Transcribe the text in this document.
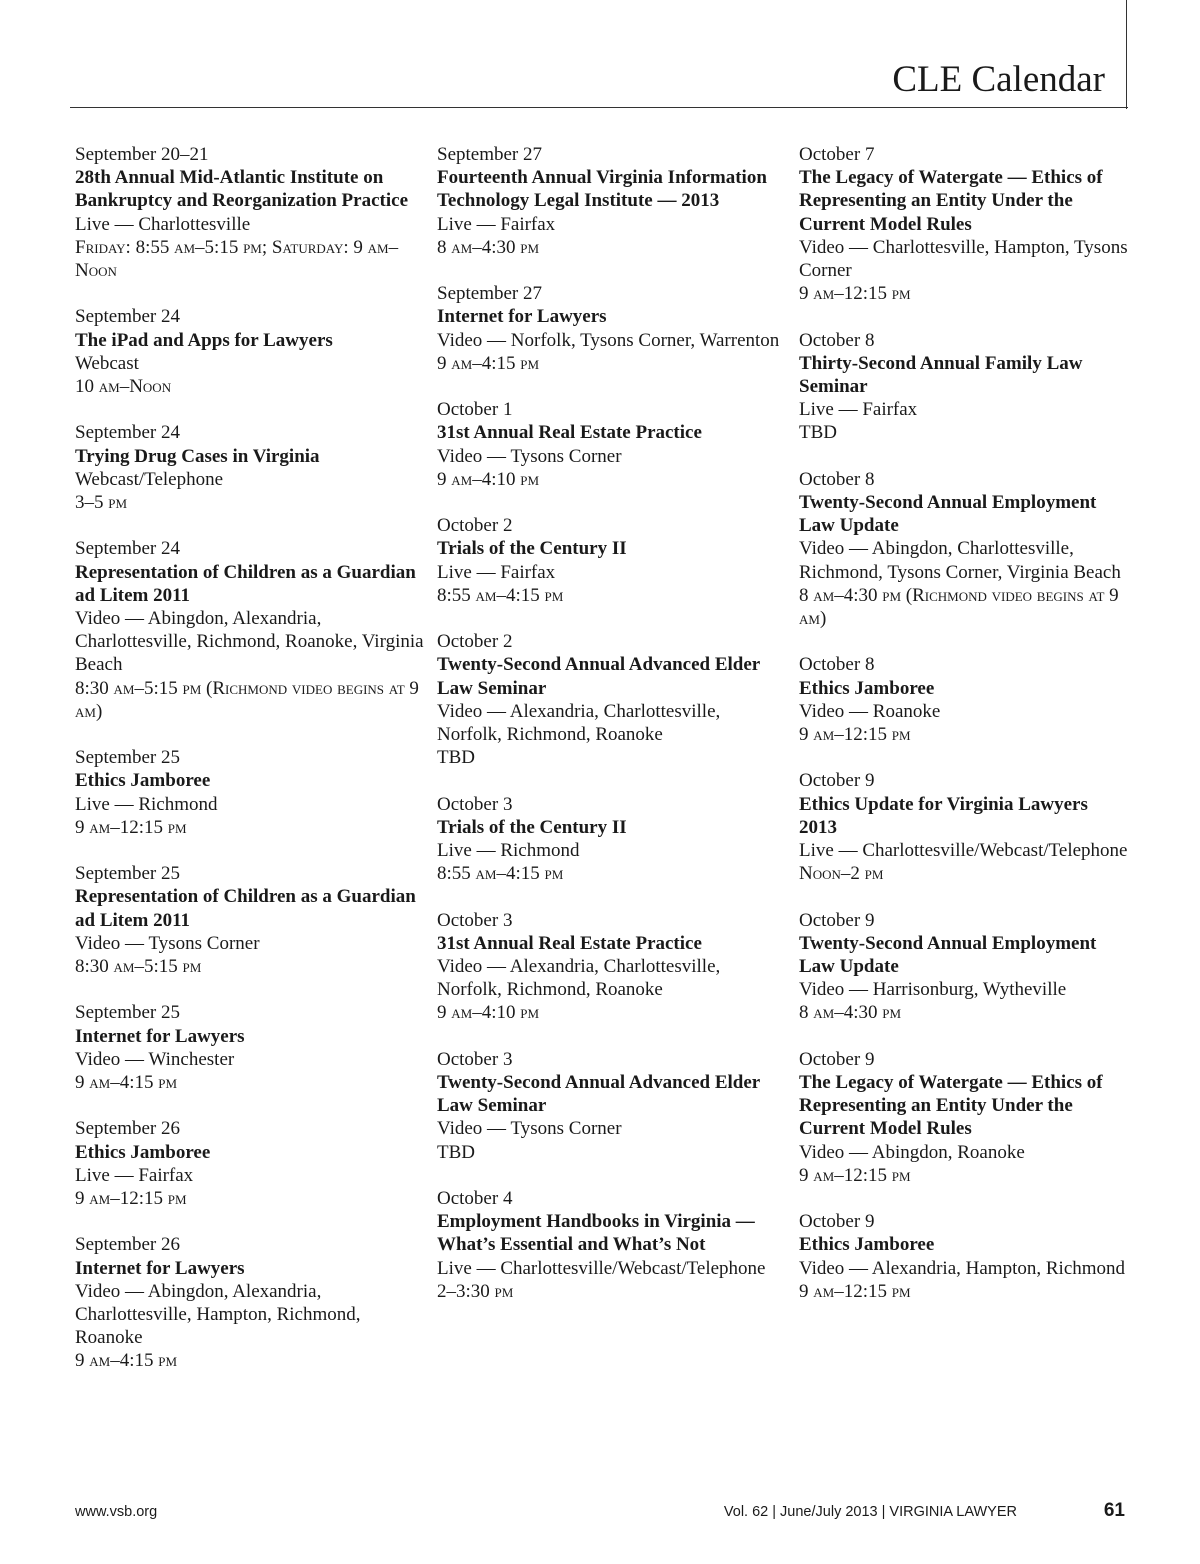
CLE Calendar
September 20–21
28th Annual Mid-Atlantic Institute on Bankruptcy and Reorganization Practice
Live — Charlottesville
Friday: 8:55 am–5:15 pm; Saturday: 9 am–Noon
September 24
The iPad and Apps for Lawyers
Webcast
10 am–Noon
September 24
Trying Drug Cases in Virginia
Webcast/Telephone
3–5 pm
September 24
Representation of Children as a Guardian ad Litem 2011
Video — Abingdon, Alexandria, Charlottesville, Richmond, Roanoke, Virginia Beach
8:30 am–5:15 pm (Richmond video begins at 9 am)
September 25
Ethics Jamboree
Live — Richmond
9 am–12:15 pm
September 25
Representation of Children as a Guardian ad Litem 2011
Video — Tysons Corner
8:30 am–5:15 pm
September 25
Internet for Lawyers
Video — Winchester
9 am–4:15 pm
September 26
Ethics Jamboree
Live — Fairfax
9 am–12:15 pm
September 26
Internet for Lawyers
Video — Abingdon, Alexandria, Charlottesville, Hampton, Richmond, Roanoke
9 am–4:15 pm
September 27
Fourteenth Annual Virginia Information Technology Legal Institute — 2013
Live — Fairfax
8 am–4:30 pm
September 27
Internet for Lawyers
Video — Norfolk, Tysons Corner, Warrenton
9 am–4:15 pm
October 1
31st Annual Real Estate Practice
Video — Tysons Corner
9 am–4:10 pm
October 2
Trials of the Century II
Live — Fairfax
8:55 am–4:15 pm
October 2
Twenty-Second Annual Advanced Elder Law Seminar
Video — Alexandria, Charlottesville, Norfolk, Richmond, Roanoke
TBD
October 3
Trials of the Century II
Live — Richmond
8:55 am–4:15 pm
October 3
31st Annual Real Estate Practice
Video — Alexandria, Charlottesville, Norfolk, Richmond, Roanoke
9 am–4:10 pm
October 3
Twenty-Second Annual Advanced Elder Law Seminar
Video — Tysons Corner
TBD
October 4
Employment Handbooks in Virginia — What’s Essential and What’s Not
Live — Charlottesville/Webcast/Telephone
2–3:30 pm
October 7
The Legacy of Watergate — Ethics of Representing an Entity Under the Current Model Rules
Video — Charlottesville, Hampton, Tysons Corner
9 am–12:15 pm
October 8
Thirty-Second Annual Family Law Seminar
Live — Fairfax
TBD
October 8
Twenty-Second Annual Employment Law Update
Video — Abingdon, Charlottesville, Richmond, Tysons Corner, Virginia Beach
8 am–4:30 pm (Richmond video begins at 9 am)
October 8
Ethics Jamboree
Video — Roanoke
9 am–12:15 pm
October 9
Ethics Update for Virginia Lawyers 2013
Live — Charlottesville/Webcast/Telephone
Noon–2 pm
October 9
Twenty-Second Annual Employment Law Update
Video — Harrisonburg, Wytheville
8 am–4:30 pm
October 9
The Legacy of Watergate — Ethics of Representing an Entity Under the Current Model Rules
Video — Abingdon, Roanoke
9 am–12:15 pm
October 9
Ethics Jamboree
Video — Alexandria, Hampton, Richmond
9 am–12:15 pm
www.vsb.org	Vol. 62 | June/July 2013 | VIRGINIA LAWYER	61
